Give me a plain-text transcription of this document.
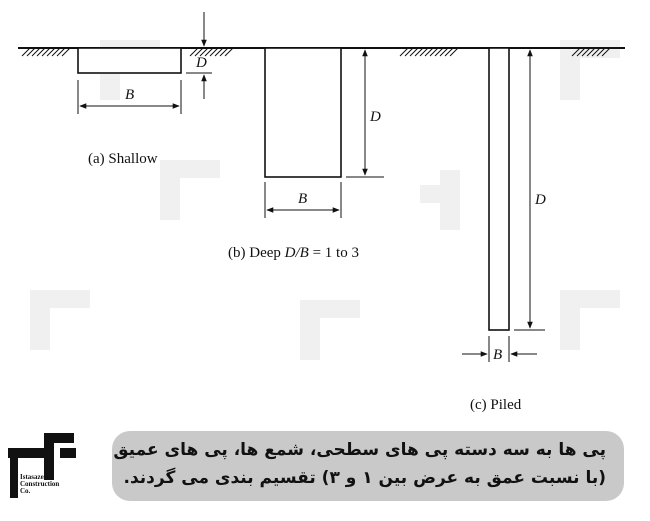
B
D
(a) Shallow
D
B
(b) Deep D/B = 1 to 3
D
B
(c) Piled
Istasazeh
Construction
Co.
پی ها به سه دسته پی های سطحی، شمع ها، پی های عمیق
(با نسبت عمق به عرض بین ۱ و ۳) تقسیم بندی می گردند.
